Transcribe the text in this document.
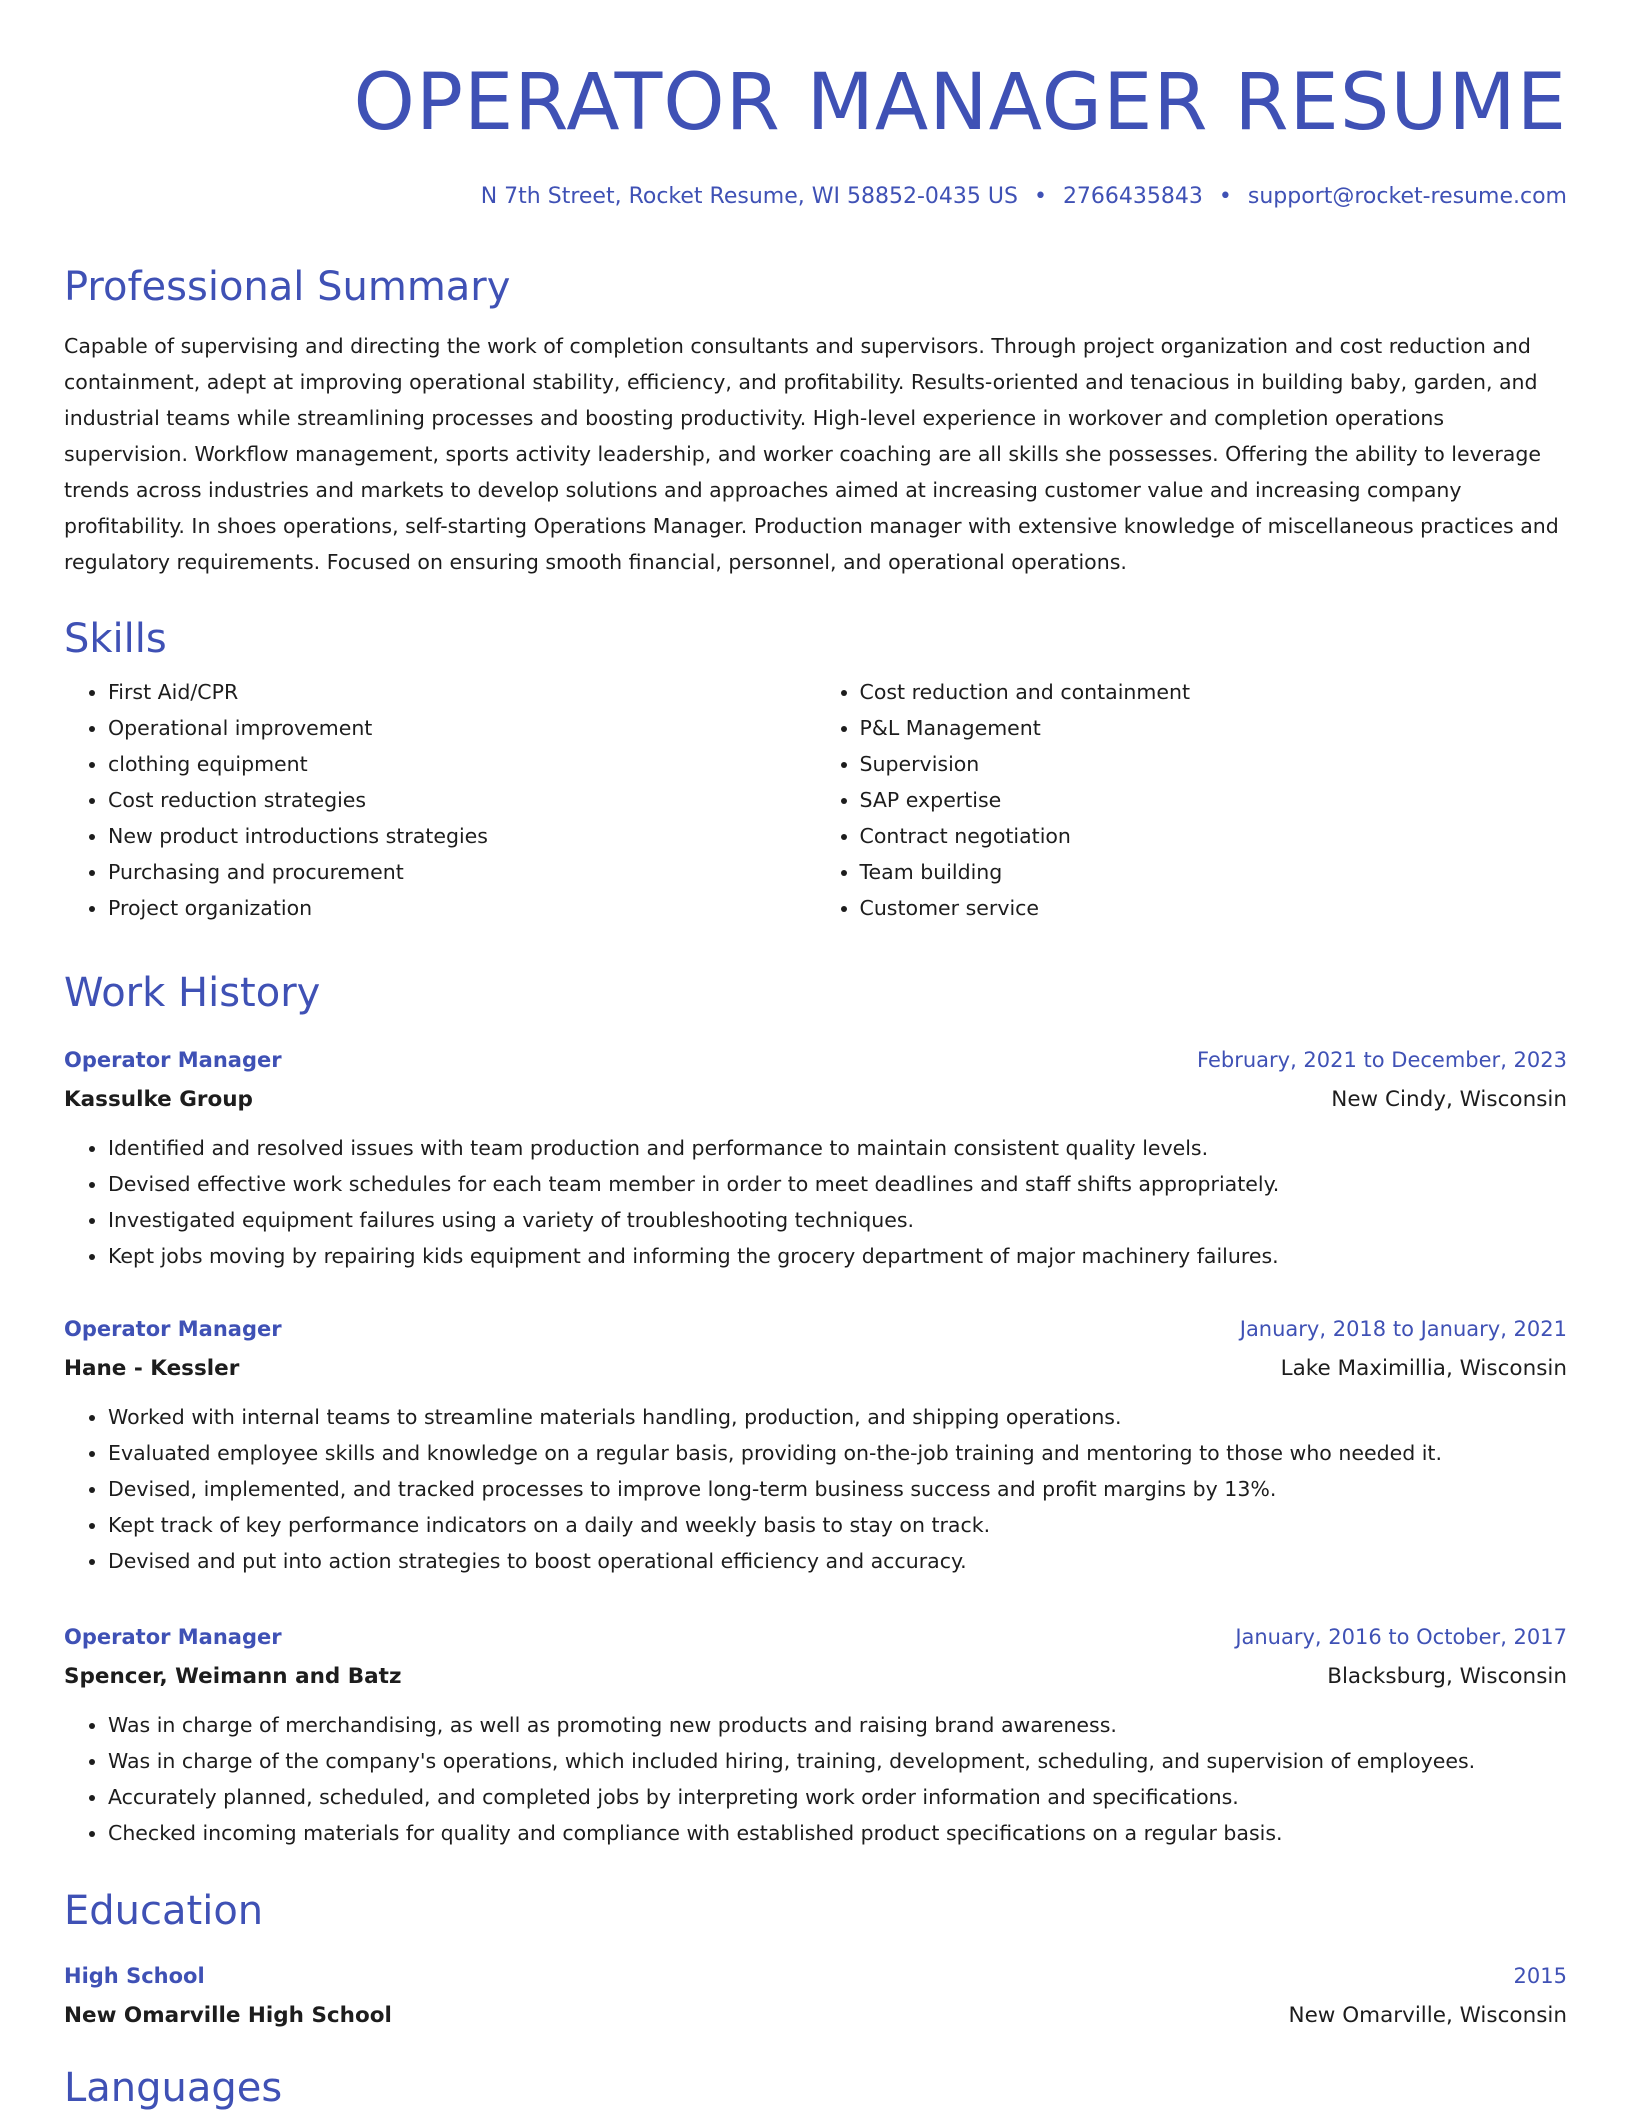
OPERATOR MANAGER RESUME
N 7th Street, Rocket Resume, WI 58852-0435 US • 2766435843 • support@rocket-resume.com
Professional Summary

Capable of supervising and directing the work of completion consultants and supervisors. Through project organization and cost reduction and containment, adept at improving operational stability, efficiency, and profitability. Results-oriented and tenacious in building baby, garden, and industrial teams while streamlining processes and boosting productivity. High-level experience in workover and completion operations supervision. Workflow management, sports activity leadership, and worker coaching are all skills she possesses. Offering the ability to leverage trends across industries and markets to develop solutions and approaches aimed at increasing customer value and increasing company profitability. In shoes operations, self-starting Operations Manager. Production manager with extensive knowledge of miscellaneous practices and regulatory requirements. Focused on ensuring smooth financial, personnel, and operational operations.

Skills
• First Aid/CPR
• Operational improvement
• clothing equipment
• Cost reduction strategies
• New product introductions strategies
• Purchasing and procurement
• Project organization
• Cost reduction and containment
• P&L Management
• Supervision
• SAP expertise
• Contract negotiation
• Team building
• Customer service
Work History
Operator Manager	February, 2021 to December, 2023
Kassulke Group	New Cindy, Wisconsin
• Identified and resolved issues with team production and performance to maintain consistent quality levels.
• Devised effective work schedules for each team member in order to meet deadlines and staff shifts appropriately.
• Investigated equipment failures using a variety of troubleshooting techniques.
• Kept jobs moving by repairing kids equipment and informing the grocery department of major machinery failures.
Operator Manager	January, 2018 to January, 2021
Hane - Kessler	Lake Maximillia, Wisconsin
• Worked with internal teams to streamline materials handling, production, and shipping operations.
• Evaluated employee skills and knowledge on a regular basis, providing on-the-job training and mentoring to those who needed it.
• Devised, implemented, and tracked processes to improve long-term business success and profit margins by 13%.
• Kept track of key performance indicators on a daily and weekly basis to stay on track.
• Devised and put into action strategies to boost operational efficiency and accuracy.
Operator Manager	January, 2016 to October, 2017
Spencer, Weimann and Batz	Blacksburg, Wisconsin
• Was in charge of merchandising, as well as promoting new products and raising brand awareness.
• Was in charge of the company's operations, which included hiring, training, development, scheduling, and supervision of employees.
• Accurately planned, scheduled, and completed jobs by interpreting work order information and specifications.
• Checked incoming materials for quality and compliance with established product specifications on a regular basis.
Education
High School	2015
New Omarville High School	New Omarville, Wisconsin
Languages
